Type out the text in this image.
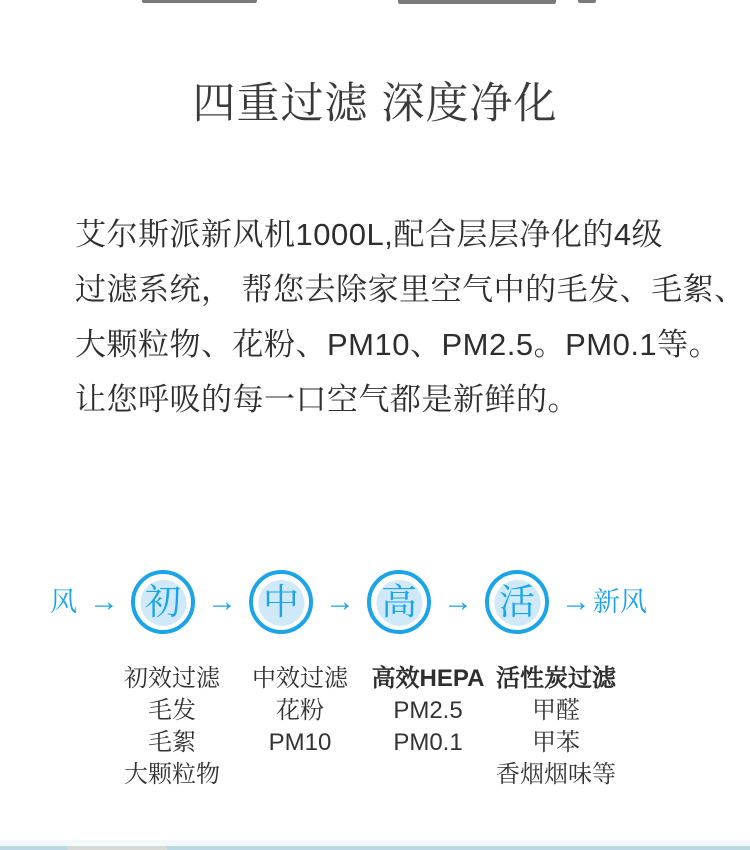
四重过滤 深度净化
艾尔斯派新风机1000L,配合层层净化的4级
过滤系统， 帮您去除家里空气中的毛发、毛絮、
大颗粒物、花粉、PM10、PM2.5。PM0.1等。
让您呼吸的每一口空气都是新鲜的。
风 → 初 → 中 → 高 → 活 → 新风
初效过滤
毛发
毛絮
大颗粒物
中效过滤
花粉
PM10
高效HEPA
PM2.5
PM0.1
活性炭过滤
甲醛
甲苯
香烟烟味等
